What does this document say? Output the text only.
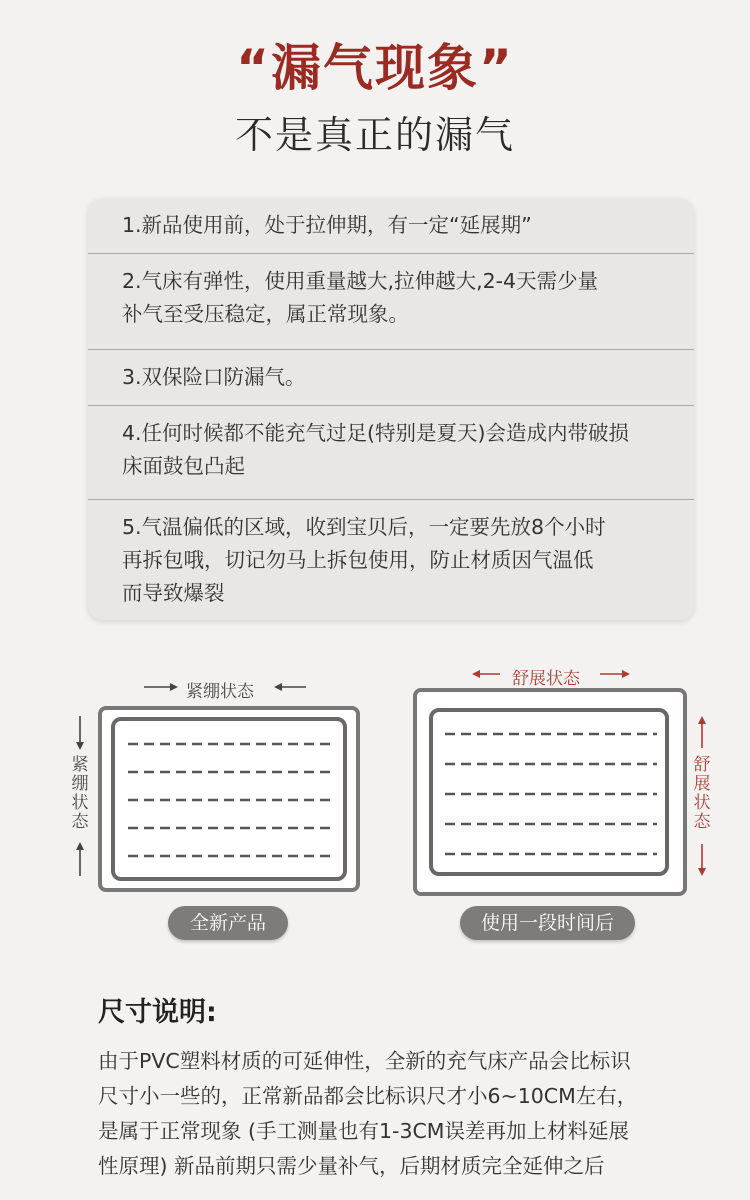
“漏气现象”
不是真正的漏气
1.新品使用前，处于拉伸期，有一定“延展期”
2.气床有弹性，使用重量越大,拉伸越大,2-4天需少量
补气至受压稳定，属正常现象。
3.双保险口防漏气。
4.任何时候都不能充气过足(特别是夏天)会造成内带破损
床面鼓包凸起
5.气温偏低的区域，收到宝贝后，一定要先放8个小时
再拆包哦，切记勿马上拆包使用，防止材质因气温低
而导致爆裂
紧绷状态
紧
绷
状
态
全新产品
舒展状态
舒
展
状
态
使用一段时间后
尺寸说明:
由于PVC塑料材质的可延伸性，全新的充气床产品会比标识
尺寸小一些的，正常新品都会比标识尺才小6~10CM左右，
是属于正常现象 (手工测量也有1-3CM误差再加上材料延展
性原理) 新品前期只需少量补气，后期材质完全延伸之后
